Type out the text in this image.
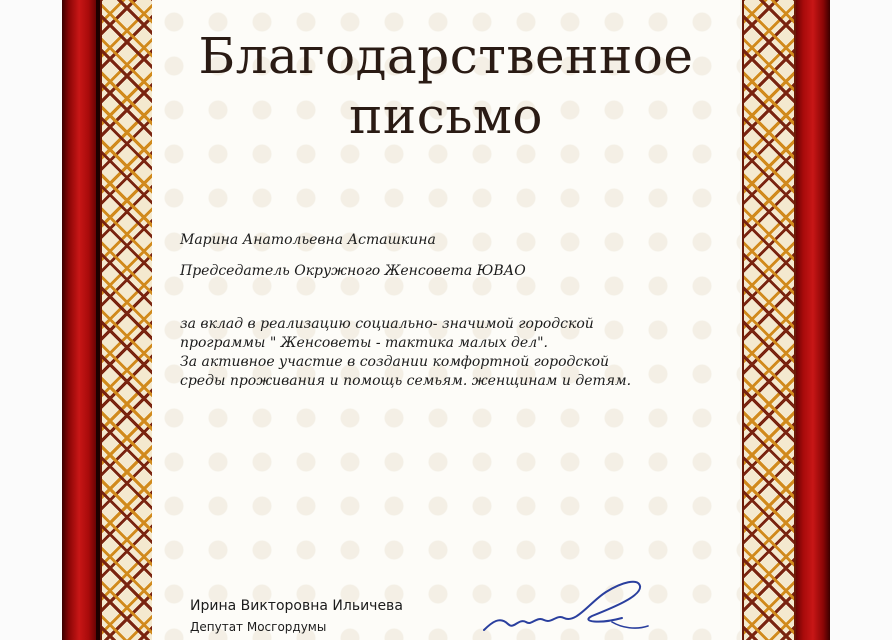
Благодарственное
письмо

Марина Анатольевна Асташкина

Председатель Окружного Женсовета ЮВАО

за вклад в реализацию социально- значимой городской
программы " Женсоветы - тактика малых дел".
За активное участие в создании комфортной городской
среды проживания и помощь семьям. женщинам и детям.

Ирина Викторовна Ильичева

Депутат Мосгордумы
